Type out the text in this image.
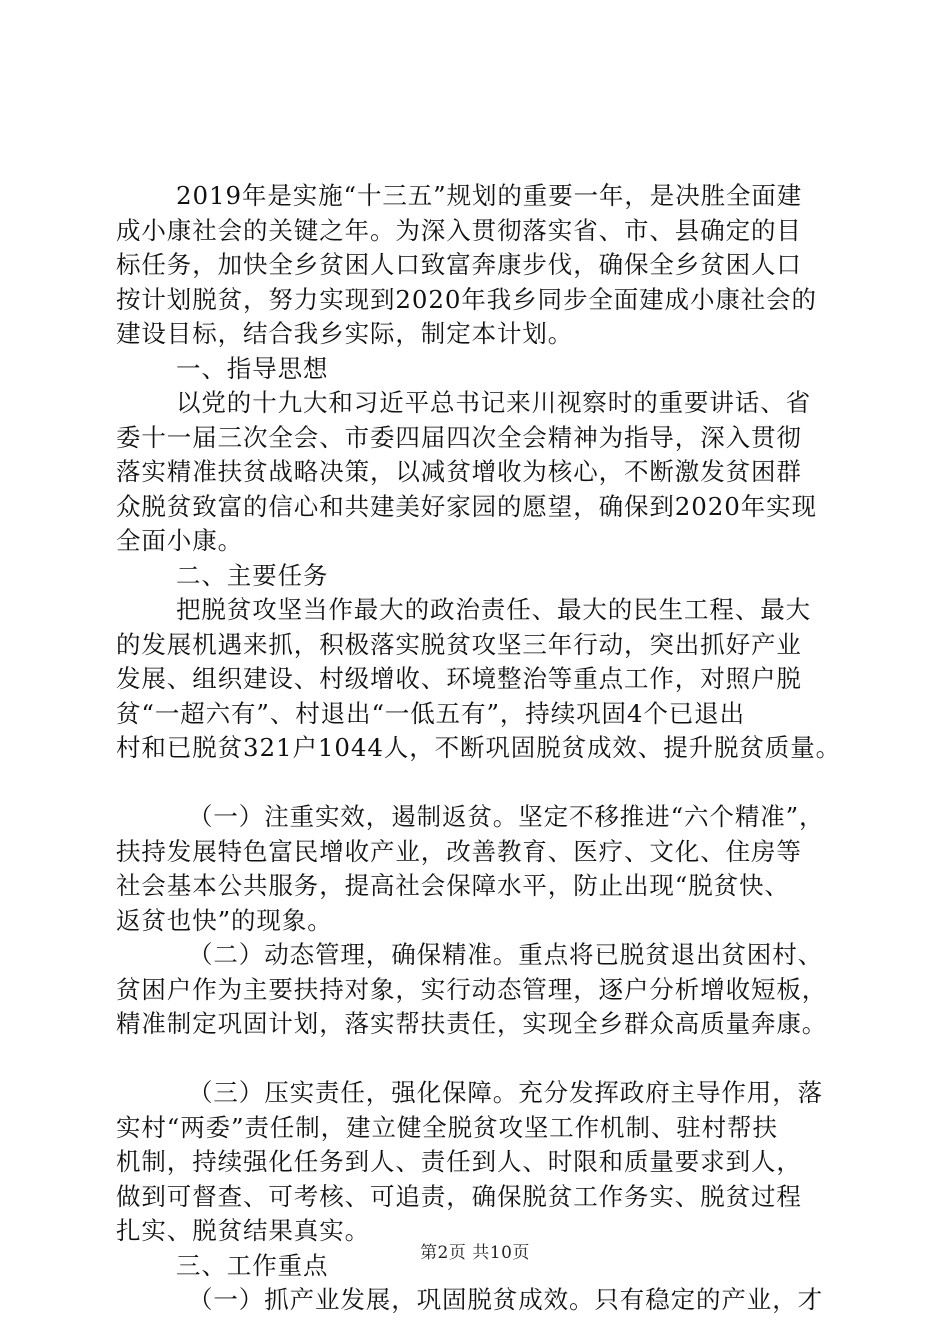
2019年是实施“十三五”规划的重要一年，是决胜全面建
成小康社会的关键之年。为深入贯彻落实省、市、县确定的目
标任务，加快全乡贫困人口致富奔康步伐，确保全乡贫困人口
按计划脱贫，努力实现到2020年我乡同步全面建成小康社会的
建设目标，结合我乡实际，制定本计划。
一、指导思想
以党的十九大和习近平总书记来川视察时的重要讲话、省
委十一届三次全会、市委四届四次全会精神为指导，深入贯彻
落实精准扶贫战略决策，以减贫增收为核心，不断激发贫困群
众脱贫致富的信心和共建美好家园的愿望，确保到2020年实现
全面小康。
二、主要任务
把脱贫攻坚当作最大的政治责任、最大的民生工程、最大
的发展机遇来抓，积极落实脱贫攻坚三年行动，突出抓好产业
发展、组织建设、村级增收、环境整治等重点工作，对照户脱
贫“一超六有”、村退出“一低五有”，持续巩固4个已退出
村和已脱贫321户1044人，不断巩固脱贫成效、提升脱贫质量。
（一）注重实效，遏制返贫。坚定不移推进“六个精准”，
扶持发展特色富民增收产业，改善教育、医疗、文化、住房等
社会基本公共服务，提高社会保障水平，防止出现“脱贫快、
返贫也快”的现象。
（二）动态管理，确保精准。重点将已脱贫退出贫困村、
贫困户作为主要扶持对象，实行动态管理，逐户分析增收短板，
精准制定巩固计划，落实帮扶责任，实现全乡群众高质量奔康。
（三）压实责任，强化保障。充分发挥政府主导作用，落
实村“两委”责任制，建立健全脱贫攻坚工作机制、驻村帮扶
机制，持续强化任务到人、责任到人、时限和质量要求到人，
做到可督查、可考核、可追责，确保脱贫工作务实、脱贫过程
扎实、脱贫结果真实。
三、工作重点
（一）抓产业发展，巩固脱贫成效。只有稳定的产业，才
第2页 共10页
